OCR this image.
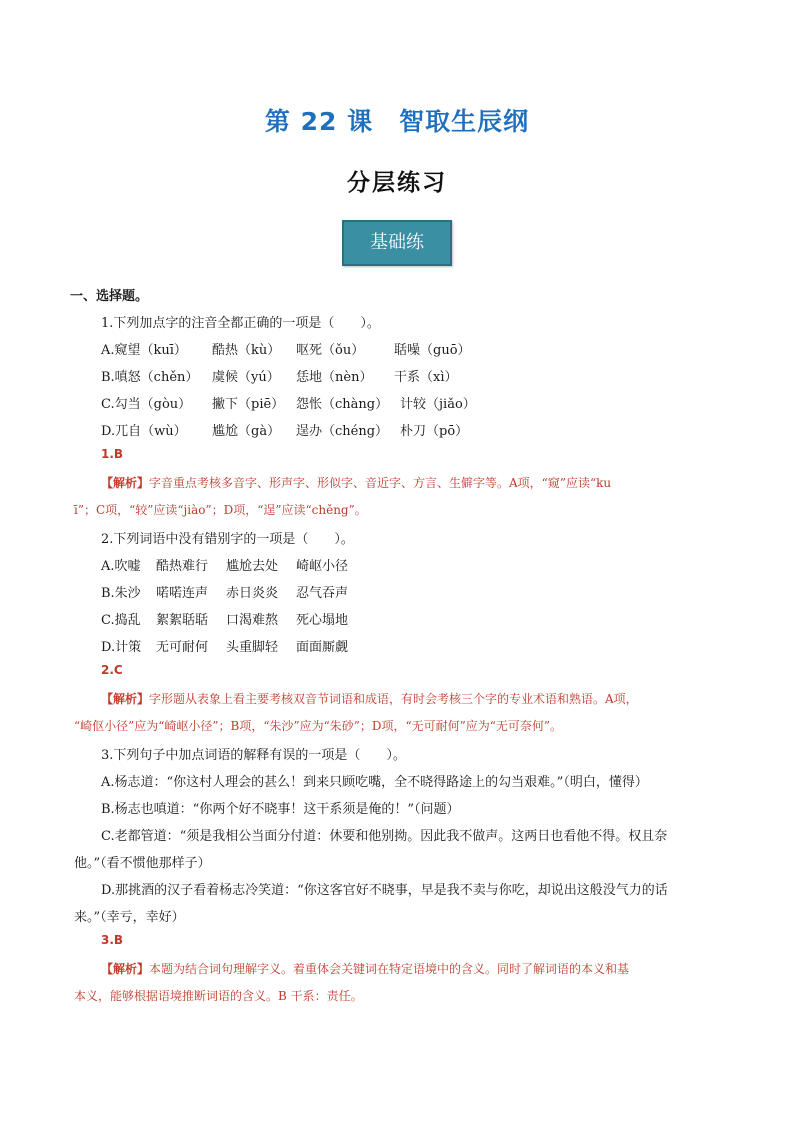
第 22 课　智取生辰纲
分层练习
基础练
一、选择题。
1.下列加点字的注音全都正确的一项是（　　）。
A.窥望（kuī） 酷热（kù） 呕死（ǒu） 聒噪（guō）
B.嗔怒（chěn） 虞候（yú） 恁地（nèn） 干系（xì）
C.勾当（gòu） 撇下（piē） 怨怅（chàng） 计较（jiǎo）
D.兀自（wù） 尴尬（gà） 逞办（chéng） 朴刀（pō）
1.B
【解析】字音重点考核多音字、形声字、形似字、音近字、方言、生僻字等。A项，“窥”应读“ku
ī”；C项，“较”应读“jiào”；D项，“逞”应读“chěng”。
2.下列词语中没有错别字的一项是（　　）。
A.吹嘘 酷热难行 尴尬去处 崎岖小径
B.朱沙 喏喏连声 赤日炎炎 忍气吞声
C.捣乱 絮絮聒聒 口渴难熬 死心塌地
D.计策 无可耐何 头重脚轻 面面厮觑
2.C
【解析】字形题从表象上看主要考核双音节词语和成语，有时会考核三个字的专业术语和熟语。A项，
“崎伛小径”应为“崎岖小径”；B项，“朱沙”应为“朱砂”；D项，“无可耐何”应为“无可奈何”。
3.下列句子中加点词语的解释有误的一项是（　　）。
A.杨志道：“你这村人理会的甚么！到来只顾吃嘴，全不晓得路途上的勾当艰难。”（明白，懂得）
B.杨志也嗔道：“你两个好不晓事！这干系须是俺的！”（问题）
C.老都管道：“须是我相公当面分付道：休要和他别拗。因此我不做声。这两日也看他不得。权且奈
他。”（看不惯他那样子）
D.那挑酒的汉子看着杨志冷笑道：“你这客官好不晓事，早是我不卖与你吃，却说出这般没气力的话
来。”（幸亏，幸好）
3.B
【解析】本题为结合词句理解字义。着重体会关键词在特定语境中的含义。同时了解词语的本义和基
本义，能够根据语境推断词语的含义。B 干系：责任。
